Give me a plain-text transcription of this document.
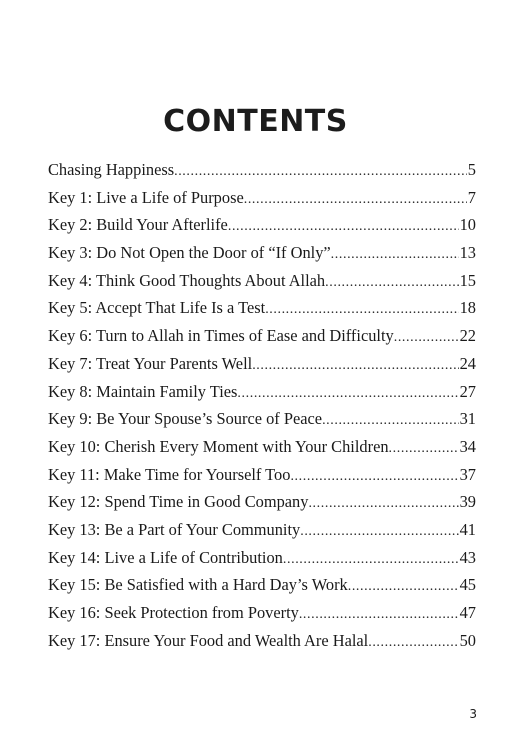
CONTENTS
Chasing Happiness .....	5
Key 1: Live a Life of Purpose .....	7
Key 2: Build Your Afterlife .....	10
Key 3: Do Not Open the Door of “If Only” .....	13
Key 4: Think Good Thoughts About Allah .....	15
Key 5: Accept That Life Is a Test .....	18
Key 6: Turn to Allah in Times of Ease and Difficulty .....	22
Key 7: Treat Your Parents Well .....	24
Key 8: Maintain Family Ties .....	27
Key 9: Be Your Spouse’s Source of Peace .....	31
Key 10: Cherish Every Moment with Your Children .....	34
Key 11: Make Time for Yourself Too .....	37
Key 12: Spend Time in Good Company .....	39
Key 13: Be a Part of Your Community .....	41
Key 14: Live a Life of Contribution .....	43
Key 15: Be Satisfied with a Hard Day’s Work .....	45
Key 16: Seek Protection from Poverty .....	47
Key 17: Ensure Your Food and Wealth Are Halal .....	50
3
